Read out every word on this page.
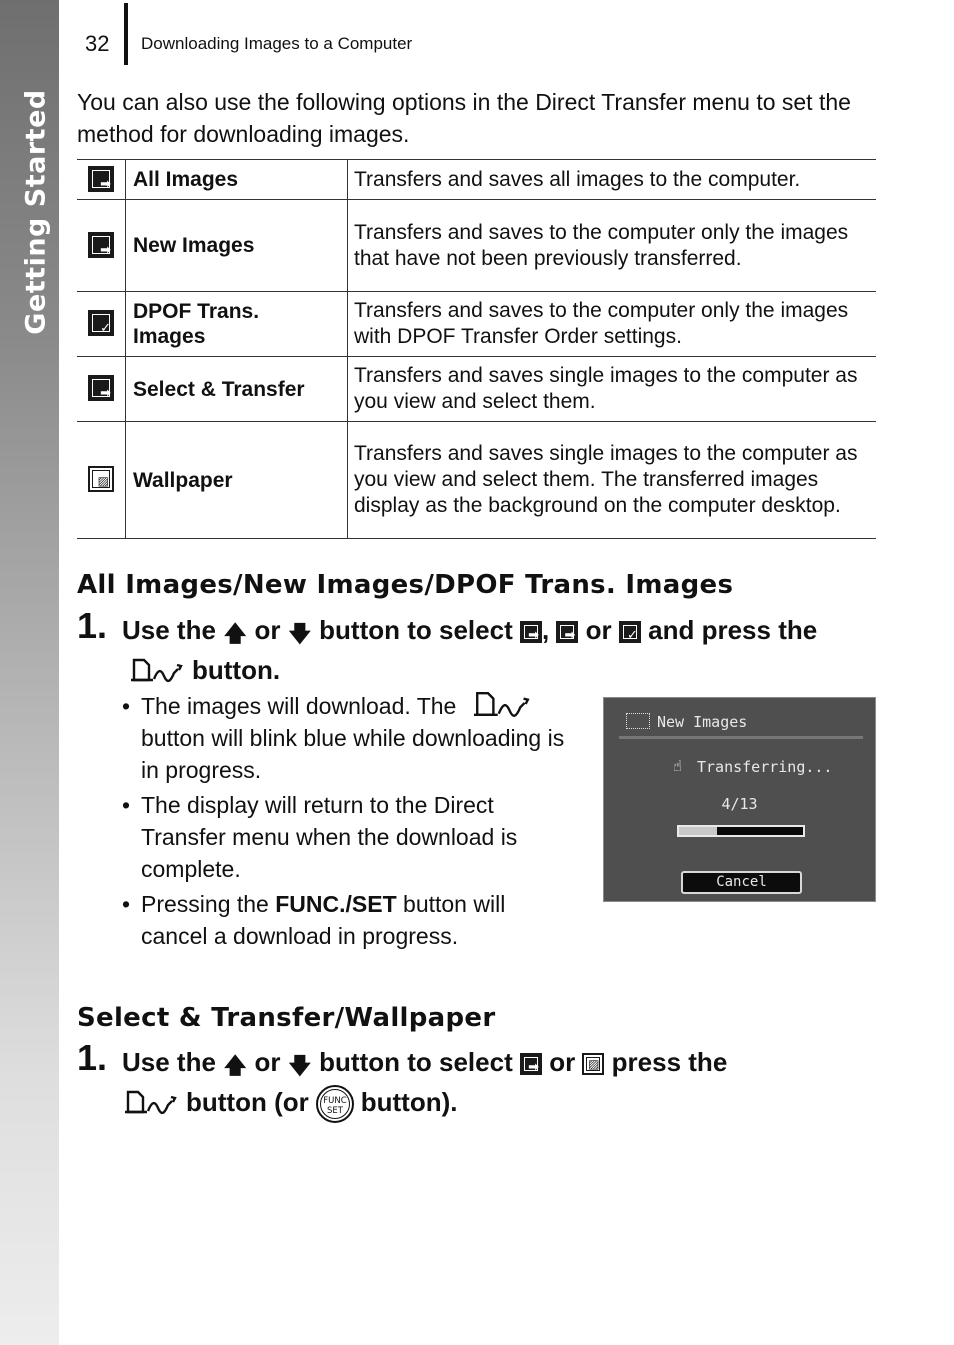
Getting Started
32 Downloading Images to a Computer

You can also use the following options in the Direct Transfer menu to set the method for downloading images.

➡	All Images	Transfers and saves all images to the computer.

➡	New Images	Transfers and saves to the computer only the images that have not been previously transferred.

✓	DPOF Trans.
Images	Transfers and saves to the computer only the images with DPOF Transfer Order settings.

➡	Select & Transfer	Transfers and saves single images to the computer as you view and select them.

▨	Wallpaper	Transfers and saves single images to the computer as you view and select them. The transferred images display as the background on the computer desktop.
All Images/New Images/DPOF Trans. Images
1. Use the 🡅 or 🡇 button to select ➡ , ➡ or ✓ and press thebutton.

• The images will download. The  button will blink blue while downloading is in progress.
• The display will return to the Direct Transfer menu when the download is complete.
• Pressing the FUNC./SET button will cancel a download in progress.
New Images
☝ Transferring...
4/13
Cancel
Select & Transfer/Wallpaper
1. Use the 🡅 or 🡇 button to select ➡ or ▨ press the
button (or FUNC
SET button).
